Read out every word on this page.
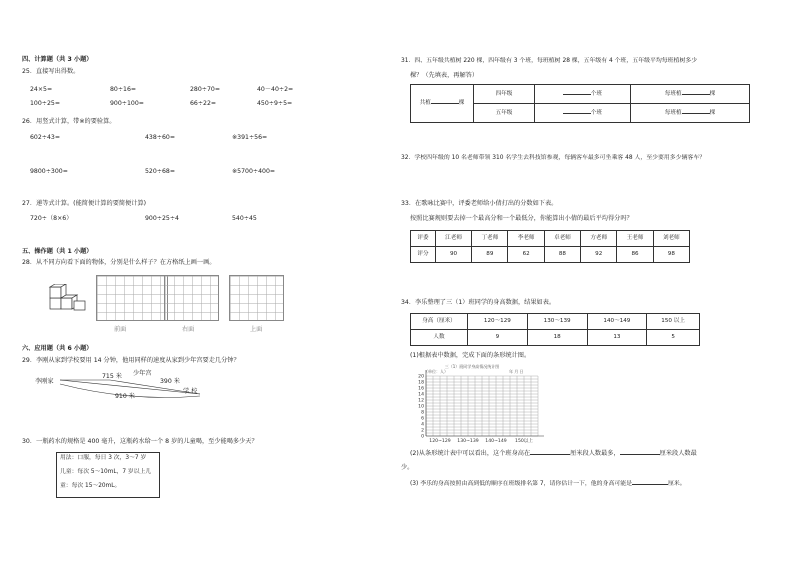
四、计算题（共 3 小题）
25．直接写出得数。
24×5=	80÷16=	280÷70=	40－40÷2=
100÷25=	900÷100=	66÷22=	450÷9÷5=
26．用竖式计算，带※的要验算。
602÷43=	438÷60=	※391÷56=
9800÷300=	520÷68=	※5700÷400=
27．递等式计算。(能简便计算的要简便计算)
720÷（8×6）	900÷25÷4	540÷45
五、操作题（共 1 小题）
28．从不同方向看下面的物体，分别是什么样子？在方格纸上画一画。
前面	右面	上面
六、应用题（共 6 小题）
29．李刚从家到学校要用 14 分钟，他用同样的速度从家到少年宫要走几分钟？
李刚家
715 米 少年宫
390 米
学 校
910 米
30．一瓶药水的规格是 400 毫升，这瓶药水给一个 8 岁的儿童喝，至少能喝多少天？
用法：口服，每日 3 次，3～7 岁
儿童：每次 5～10mL，7 岁以上儿
童：每次 15～20mL。
31．四、五年级共植树 220 棵，四年级有 3 个班，每班植树 28 棵，五年级有 4 个班，五年级平均每班植树多少
棵？（先填表，再解答）
共植 棵	四年级	个班	每班植 棵
	五年级	个班	每班植 棵
32．学校四年级的 10 名老师带领 310 名学生去科技馆参观，每辆客车最多可坐乘客 48 人，至少要用多少辆客车？
33．在歌咏比赛中，评委老师给小倩打出的分数如下表。
按照比赛规则要去掉一个最高分和一个最低分，你能算出小倩的最后平均得分吗？
评委	江老师	丁老师	李老师	卓老师	方老师	王老师	刘老师
评分	90	89	62	88	92	86	98
34．李乐整理了三（1）班同学的身高数据，结果如表。
身高（厘米）	120～129	130～139	140～149	150 以上
人数	9	18	13	5
(1)根据表中数据，完成下面的条形统计图。
0
2
4
6
8
10
12
14
16
18
20
120~129 130~139 140~149 150以上
三（1）班同学身高情况统计图
（单位：人）	年 月 日
(2)从条形统计表中可以看出，这个班身高在	厘米段人数最多，	厘米段人数最
少。
(3) 李乐的身高按照由高到低的顺序在班级排名第 7，请你估计一下，他的身高可能是	厘米。
